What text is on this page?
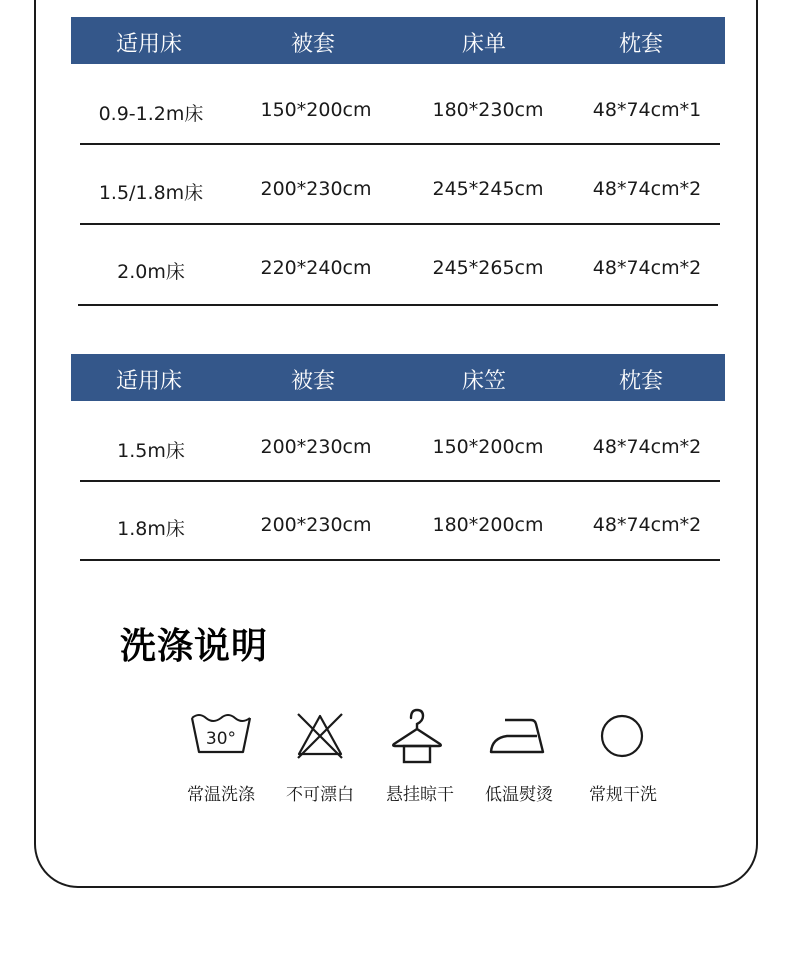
适用床	被套	床单	枕套
0.9-1.2m床	150*200cm	180*230cm	48*74cm*1
1.5/1.8m床	200*230cm	245*245cm	48*74cm*2
2.0m床	220*240cm	245*265cm	48*74cm*2
适用床	被套	床笠	枕套
1.5m床	200*230cm	150*200cm	48*74cm*2
1.8m床	200*230cm	180*200cm	48*74cm*2
洗涤说明
30°
常温洗涤 不可漂白 悬挂晾干 低温熨烫 常规干洗
